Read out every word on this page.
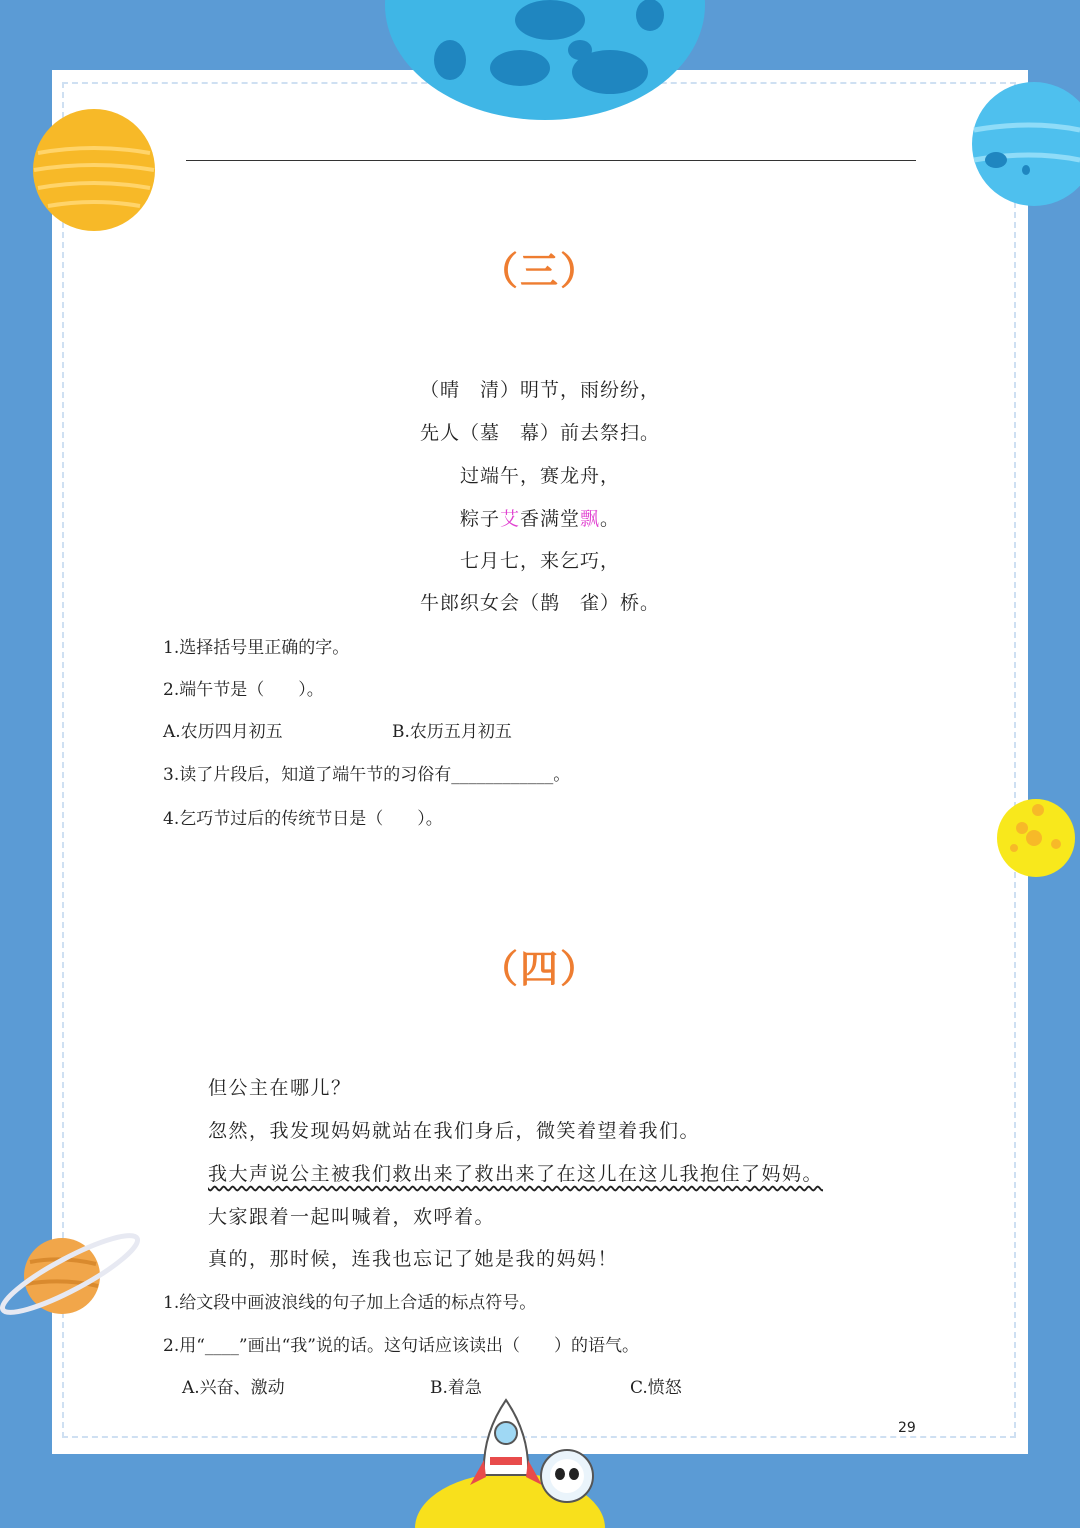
（三）
（晴　清）明节，雨纷纷，
先人（墓　幕）前去祭扫。
过端午，赛龙舟，
粽子艾香满堂飘。
七月七，来乞巧，
牛郎织女会（鹊　雀）桥。
1.选择括号里正确的字。
2.端午节是（　　）。
A.农历四月初五	B.农历五月初五
3.读了片段后，知道了端午节的习俗有____________。
4.乞巧节过后的传统节日是（　　）。
（四）
但公主在哪儿？
忽然，我发现妈妈就站在我们身后，微笑着望着我们。
我大声说公主被我们救出来了救出来了在这儿在这儿我抱住了妈妈。
大家跟着一起叫喊着，欢呼着。
真的，那时候，连我也忘记了她是我的妈妈！
1.给文段中画波浪线的句子加上合适的标点符号。
2.用“____”画出“我”说的话。这句话应该读出（　　）的语气。
A.兴奋、激动	B.着急	C.愤怒
29
